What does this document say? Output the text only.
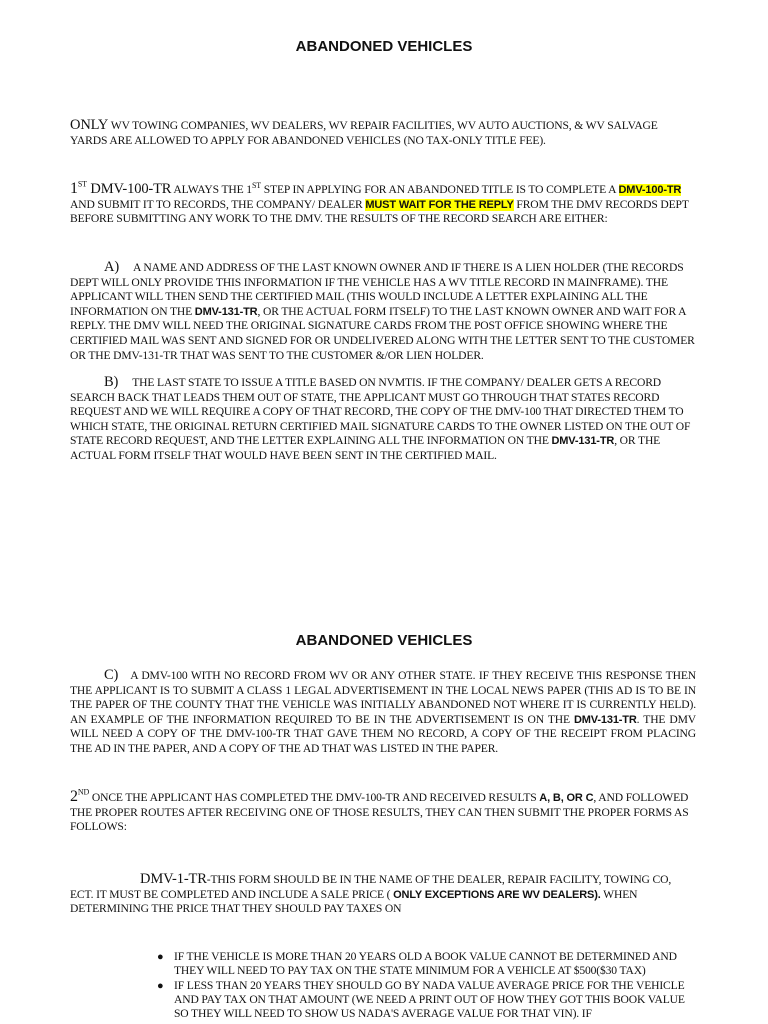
ABANDONED VEHICLES
ONLY WV TOWING COMPANIES, WV DEALERS, WV REPAIR FACILITIES, WV AUTO AUCTIONS, & WV SALVAGE YARDS ARE ALLOWED TO APPLY FOR ABANDONED VEHICLES (NO TAX-ONLY TITLE FEE).
1ST DMV-100-TR ALWAYS THE 1ST STEP IN APPLYING FOR AN ABANDONED TITLE IS TO COMPLETE A DMV-100-TR AND SUBMIT IT TO RECORDS, THE COMPANY/ DEALER MUST WAIT FOR THE REPLY FROM THE DMV RECORDS DEPT BEFORE SUBMITTING ANY WORK TO THE DMV. THE RESULTS OF THE RECORD SEARCH ARE EITHER:
A) A NAME AND ADDRESS OF THE LAST KNOWN OWNER AND IF THERE IS A LIEN HOLDER (THE RECORDS DEPT WILL ONLY PROVIDE THIS INFORMATION IF THE VEHICLE HAS A WV TITLE RECORD IN MAINFRAME). THE APPLICANT WILL THEN SEND THE CERTIFIED MAIL (THIS WOULD INCLUDE A LETTER EXPLAINING ALL THE INFORMATION ON THE DMV-131-TR, OR THE ACTUAL FORM ITSELF) TO THE LAST KNOWN OWNER AND WAIT FOR A REPLY. THE DMV WILL NEED THE ORIGINAL SIGNATURE CARDS FROM THE POST OFFICE SHOWING WHERE THE CERTIFIED MAIL WAS SENT AND SIGNED FOR OR UNDELIVERED ALONG WITH THE LETTER SENT TO THE CUSTOMER OR THE DMV-131-TR THAT WAS SENT TO THE CUSTOMER &/OR LIEN HOLDER.
B) THE LAST STATE TO ISSUE A TITLE BASED ON NVMTIS. IF THE COMPANY/ DEALER GETS A RECORD SEARCH BACK THAT LEADS THEM OUT OF STATE, THE APPLICANT MUST GO THROUGH THAT STATES RECORD REQUEST AND WE WILL REQUIRE A COPY OF THAT RECORD, THE COPY OF THE DMV-100 THAT DIRECTED THEM TO WHICH STATE, THE ORIGINAL RETURN CERTIFIED MAIL SIGNATURE CARDS TO THE OWNER LISTED ON THE OUT OF STATE RECORD REQUEST, AND THE LETTER EXPLAINING ALL THE INFORMATION ON THE DMV-131-TR, OR THE ACTUAL FORM ITSELF THAT WOULD HAVE BEEN SENT IN THE CERTIFIED MAIL.
ABANDONED VEHICLES
C) A DMV-100 WITH NO RECORD FROM WV OR ANY OTHER STATE. IF THEY RECEIVE THIS RESPONSE THEN THE APPLICANT IS TO SUBMIT A CLASS 1 LEGAL ADVERTISEMENT IN THE LOCAL NEWS PAPER (THIS AD IS TO BE IN THE PAPER OF THE COUNTY THAT THE VEHICLE WAS INITIALLY ABANDONED NOT WHERE IT IS CURRENTLY HELD). AN EXAMPLE OF THE INFORMATION REQUIRED TO BE IN THE ADVERTISEMENT IS ON THE DMV-131-TR. THE DMV WILL NEED A COPY OF THE DMV-100-TR THAT GAVE THEM NO RECORD, A COPY OF THE RECEIPT FROM PLACING THE AD IN THE PAPER, AND A COPY OF THE AD THAT WAS LISTED IN THE PAPER.
2ND ONCE THE APPLICANT HAS COMPLETED THE DMV-100-TR AND RECEIVED RESULTS A, B, OR C, AND FOLLOWED THE PROPER ROUTES AFTER RECEIVING ONE OF THOSE RESULTS, THEY CAN THEN SUBMIT THE PROPER FORMS AS FOLLOWS:
DMV-1-TR-THIS FORM SHOULD BE IN THE NAME OF THE DEALER, REPAIR FACILITY, TOWING CO, ECT. IT MUST BE COMPLETED AND INCLUDE A SALE PRICE ( ONLY EXCEPTIONS ARE WV DEALERS). WHEN DETERMINING THE PRICE THAT THEY SHOULD PAY TAXES ON
● IF THE VEHICLE IS MORE THAN 20 YEARS OLD A BOOK VALUE CANNOT BE DETERMINED AND THEY WILL NEED TO PAY TAX ON THE STATE MINIMUM FOR A VEHICLE AT $500($30 TAX)
● IF LESS THAN 20 YEARS THEY SHOULD GO BY NADA VALUE AVERAGE PRICE FOR THE VEHICLE AND PAY TAX ON THAT AMOUNT (WE NEED A PRINT OUT OF HOW THEY GOT THIS BOOK VALUE SO THEY WILL NEED TO SHOW US NADA'S AVERAGE VALUE FOR THAT VIN). IF
